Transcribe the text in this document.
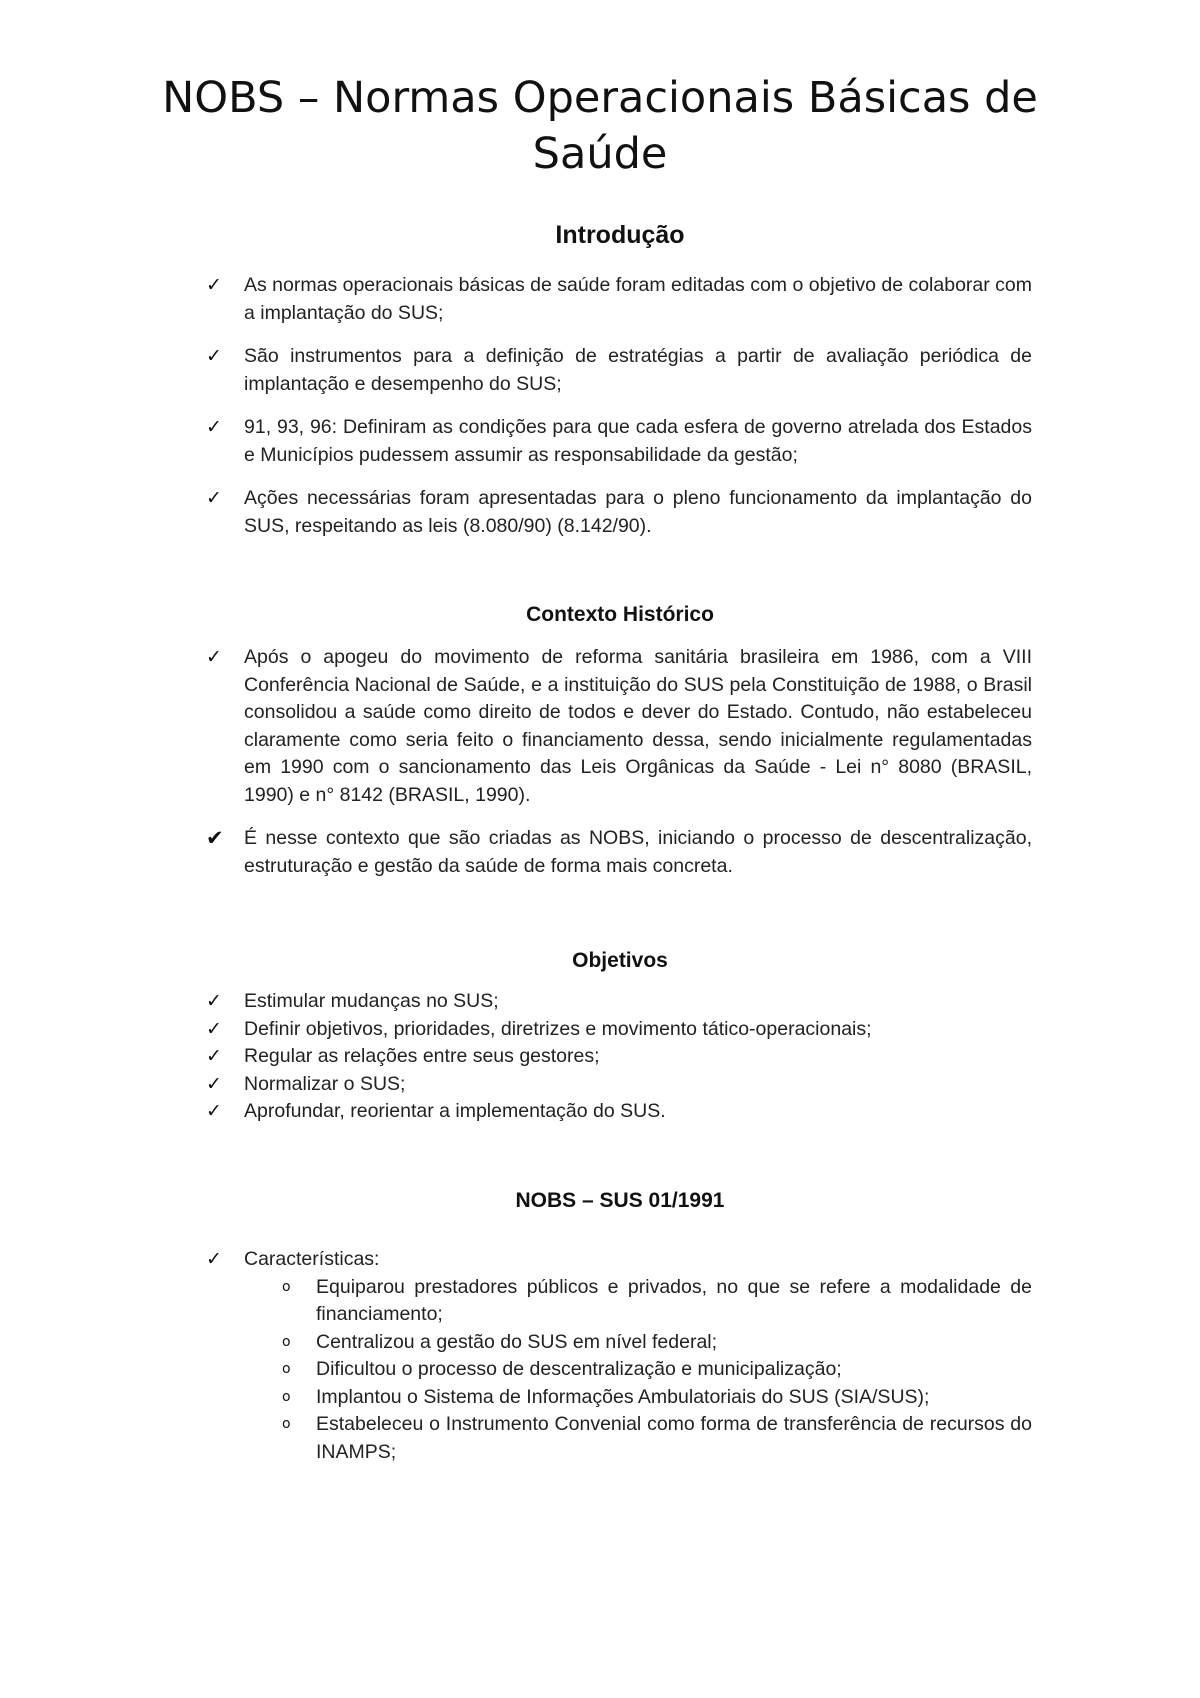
NOBS – Normas Operacionais Básicas de Saúde
Introdução
✓	As normas operacionais básicas de saúde foram editadas com o objetivo de colaborar com a implantação do SUS;
✓	São instrumentos para a definição de estratégias a partir de avaliação periódica de implantação e desempenho do SUS;
✓	91, 93, 96: Definiram as condições para que cada esfera de governo atrelada dos Estados e Municípios pudessem assumir as responsabilidade da gestão;
✓	Ações necessárias foram apresentadas para o pleno funcionamento da implantação do SUS, respeitando as leis (8.080/90) (8.142/90).
Contexto Histórico
✓	Após o apogeu do movimento de reforma sanitária brasileira em 1986, com a VIII Conferência Nacional de Saúde, e a instituição do SUS pela Constituição de 1988, o Brasil consolidou a saúde como direito de todos e dever do Estado. Contudo, não estabeleceu claramente como seria feito o financiamento dessa, sendo inicialmente regulamentadas em 1990 com o sancionamento das Leis Orgânicas da Saúde - Lei n° 8080 (BRASIL, 1990) e n° 8142 (BRASIL, 1990).
✔	É nesse contexto que são criadas as NOBS, iniciando o processo de descentralização, estruturação e gestão da saúde de forma mais concreta.
Objetivos
✓	Estimular mudanças no SUS;
✓	Definir objetivos, prioridades, diretrizes e movimento tático-operacionais;
✓	Regular as relações entre seus gestores;
✓	Normalizar o SUS;
✓	Aprofundar, reorientar a implementação do SUS.
NOBS – SUS 01/1991
✓	Características:
o Equiparou prestadores públicos e privados, no que se refere a modalidade de financiamento;
o Centralizou a gestão do SUS em nível federal;
o Dificultou o processo de descentralização e municipalização;
o Implantou o Sistema de Informações Ambulatoriais do SUS (SIA/SUS);
o Estabeleceu o Instrumento Convenial como forma de transferência de recursos do INAMPS;
